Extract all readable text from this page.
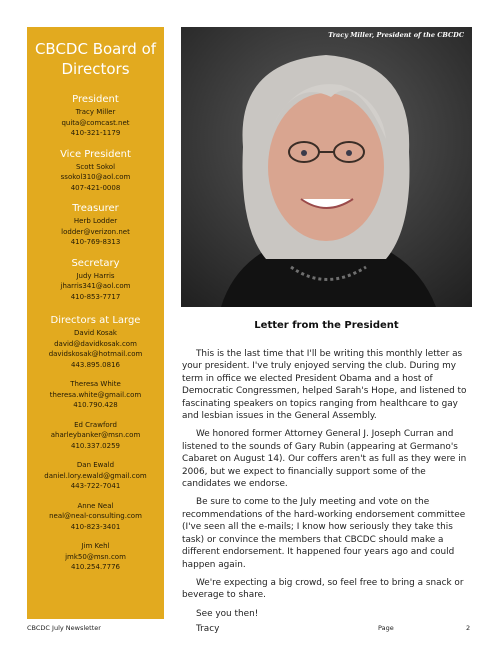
CBCDC Board of Directors
President
Tracy Miller
quita@comcast.net
410-321-1179
Vice President
Scott Sokol
ssokol310@aol.com
407-421-0008
Treasurer
Herb Lodder
lodder@verizon.net
410-769-8313
Secretary
Judy Harris
jharris341@aol.com
410-853-7717
Directors at Large
David Kosak
david@davidkosak.com
davidskosak@hotmail.com
443.895.0816
Theresa White
theresa.white@gmail.com
410.790.428
Ed Crawford
aharleybanker@msn.com
410.337.0259
Dan Ewald
daniel.lory.ewald@gmail.com
443-722-7041
Anne Neal
neal@neal-consulting.com
410-823-3401
Jim Kehl
jmk50@msn.com
410.254.7776
Tracy Miller, President of the CBCDC
Letter from the President

This is the last time that I'll be writing this monthly letter as your president. I've truly enjoyed serving the club. During my term in office we elected President Obama and a host of Democratic Congressmen, helped Sarah's Hope, and listened to fascinating speakers on topics ranging from healthcare to gay and lesbian issues in the General Assembly.

We honored former Attorney General J. Joseph Curran and listened to the sounds of Gary Rubin (appearing at Germano's Cabaret on August 14). Our coffers aren't as full as they were in 2006, but we expect to financially support some of the candidates we endorse.

Be sure to come to the July meeting and vote on the recommendations of the hard-working endorsement committee (I've seen all the e-mails; I know how seriously they take this task) or convince the members that CBCDC should make a different endorsement. It happened four years ago and could happen again.

We're expecting a big crowd, so feel free to bring a snack or beverage to share.

See you then!
Tracy
CBCDC July Newsletter	Page	2
